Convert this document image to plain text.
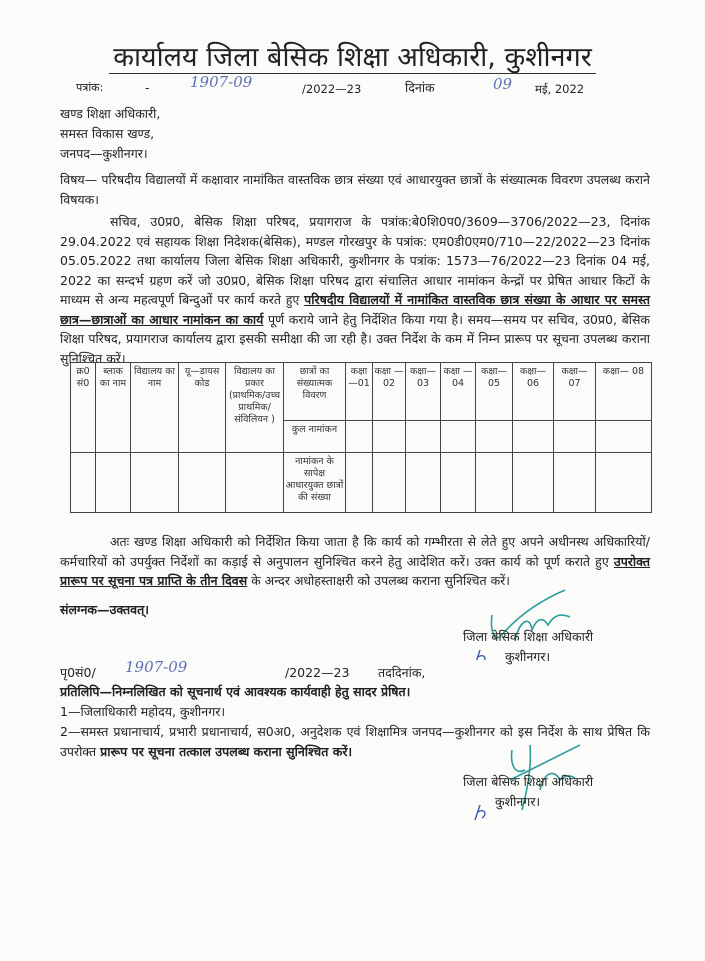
कार्यालय जिला बेसिक शिक्षा अधिकारी, कुशीनगर
पत्रांक:	-	1907-09	/2022—23	दिनांक	09 मई, 2022
खण्ड शिक्षा अधिकारी,
समस्त विकास खण्ड,
जनपद—कुशीनगर।
विषय— परिषदीय विद्यालयों में कक्षावार नामांकित वास्तविक छात्र संख्या एवं आधारयुक्त छात्रों के संख्यात्मक विवरण उपलब्ध कराने विषयक।
सचिव, उ0प्र0, बेसिक शिक्षा परिषद, प्रयागराज के पत्रांक:बे0शि0प0/3609—3706/2022—23, दिनांक 29.04.2022 एवं सहायक शिक्षा निदेशक(बेसिक), मण्डल गोरखपुर के पत्रांक: एम0डी0एम0/710—22/2022—23 दिनांक 05.05.2022 तथा कार्यालय जिला बेसिक शिक्षा अधिकारी, कुशीनगर के पत्रांक: 1573—76/2022—23 दिनांक 04 मई, 2022 का सन्दर्भ ग्रहण करें जो उ0प्र0, बेसिक शिक्षा परिषद द्वारा संचालित आधार नामांकन केन्द्रों पर प्रेषित आधार किटों के माध्यम से अन्य महत्वपूर्ण बिन्दुओं पर कार्य करते हुए परिषदीय विद्यालयों में नामांकित वास्तविक छात्र संख्या के आधार पर समस्त छात्र—छात्राओं का आधार नामांकन का कार्य पूर्ण कराये जाने हेतु निर्देशित किया गया है। समय—समय पर सचिव, उ0प्र0, बेसिक शिक्षा परिषद, प्रयागराज कार्यालय द्वारा इसकी समीक्षा की जा रही है। उक्त निर्देश के कम में निम्न प्रारूप पर सूचना उपलब्ध कराना सुनिश्चित करें।
क्र0 सं0	ब्लाक का नाम	विद्यालय का नाम	यू—डायस कोड	विद्यालय का प्रकार (प्राथमिक/उच्च प्राथमिक/संविलियन )	छात्रों का संख्यात्मक विवरण	कक्षा —01	कक्षा —02	कक्षा— 03	कक्षा —04	कक्षा— 05	कक्षा— 06	कक्षा— 07	कक्षा— 08
					कुल नामांकन								
					नामांकन के सापेक्ष आधारयुक्त छात्रों की संख्या								
अतः खण्ड शिक्षा अधिकारी को निर्देशित किया जाता है कि कार्य को गम्भीरता से लेते हुए अपने अधीनस्थ अधिकारियों/कर्मचारियों को उपर्युक्त निर्देशों का कड़ाई से अनुपालन सुनिश्चित करने हेतु आदेशित करें। उक्त कार्य को पूर्ण कराते हुए उपरोक्त प्रारूप पर सूचना पत्र प्राप्ति के तीन दिवस के अन्दर अधोहस्ताक्षरी को उपलब्ध कराना सुनिश्चित करें।
संलग्नक—उक्तवत्।
जिला बेसिक शिक्षा अधिकारी
कुशीनगर।
पृ0सं0/ 1907-09	/2022—23 तददिनांक,
प्रतिलिपि—निम्नलिखित को सूचनार्थ एवं आवश्यक कार्यवाही हेतु सादर प्रेषित।
1—जिलाधिकारी महोदय, कुशीनगर।
2—समस्त प्रधानाचार्य, प्रभारी प्रधानाचार्य, स0अ0, अनुदेशक एवं शिक्षामित्र जनपद—कुशीनगर को इस निर्देश के साथ प्रेषित कि उपरोक्त प्रारूप पर सूचना तत्काल उपलब्ध कराना सुनिश्चित करें।
जिला बेसिक शिक्षा अधिकारी
कुशीनगर।
